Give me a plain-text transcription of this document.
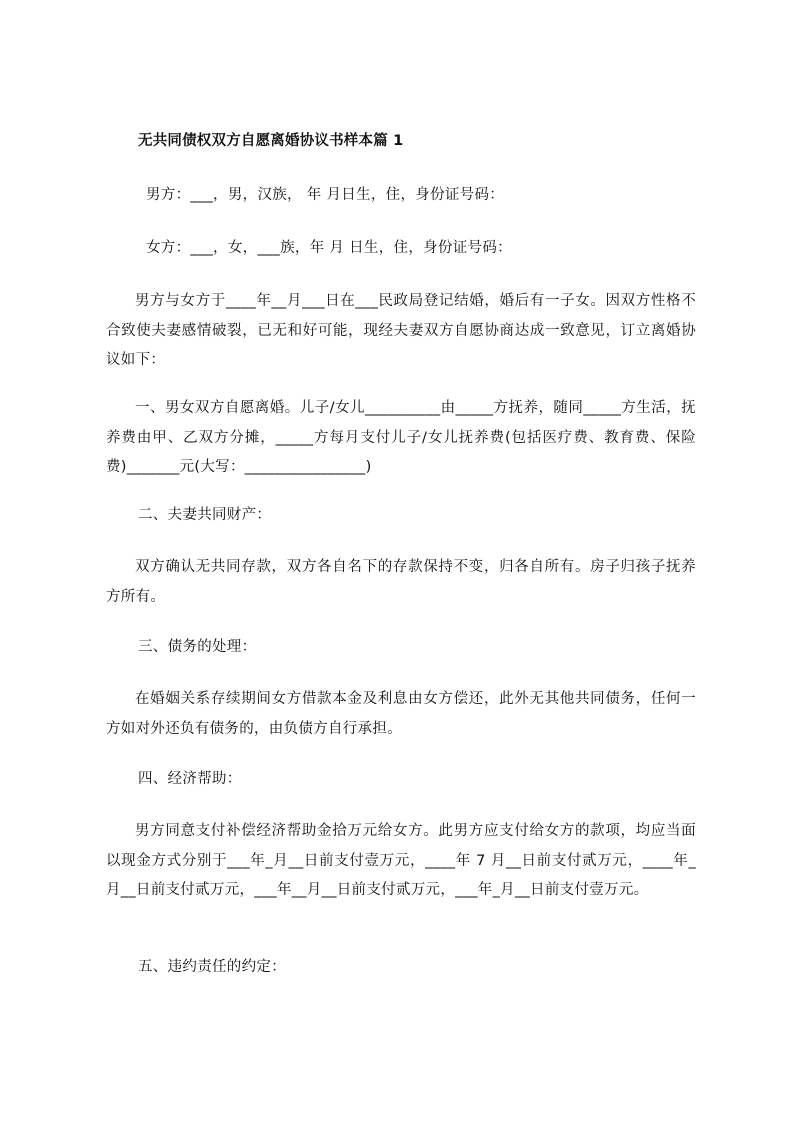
无共同债权双方自愿离婚协议书样本篇 1
男方：___，男，汉族， 年 月日生，住，身份证号码：
女方：___，女，___族，年 月 日生，住，身份证号码：
男方与女方于____年__月___日在___民政局登记结婚，婚后有一子女。因双方性格不合致使夫妻感情破裂，已无和好可能，现经夫妻双方自愿协商达成一致意见，订立离婚协议如下：
一、男女双方自愿离婚。儿子/女儿__________由_____方抚养，随同_____方生活，抚养费由甲、乙双方分摊，_____方每月支付儿子/女儿抚养费(包括医疗费、教育费、保险费)_______元(大写：________________)
二、夫妻共同财产：
双方确认无共同存款，双方各自名下的存款保持不变，归各自所有。房子归孩子抚养方所有。
三、债务的处理：
在婚姻关系存续期间女方借款本金及利息由女方偿还，此外无其他共同债务，任何一方如对外还负有债务的，由负债方自行承担。
四、经济帮助：
男方同意支付补偿经济帮助金拾万元给女方。此男方应支付给女方的款项，均应当面以现金方式分别于___年_月__日前支付壹万元，____年 7 月__日前支付贰万元，____年_月__日前支付贰万元，___年__月__日前支付贰万元，___年_月__日前支付壹万元。
五、违约责任的约定：
